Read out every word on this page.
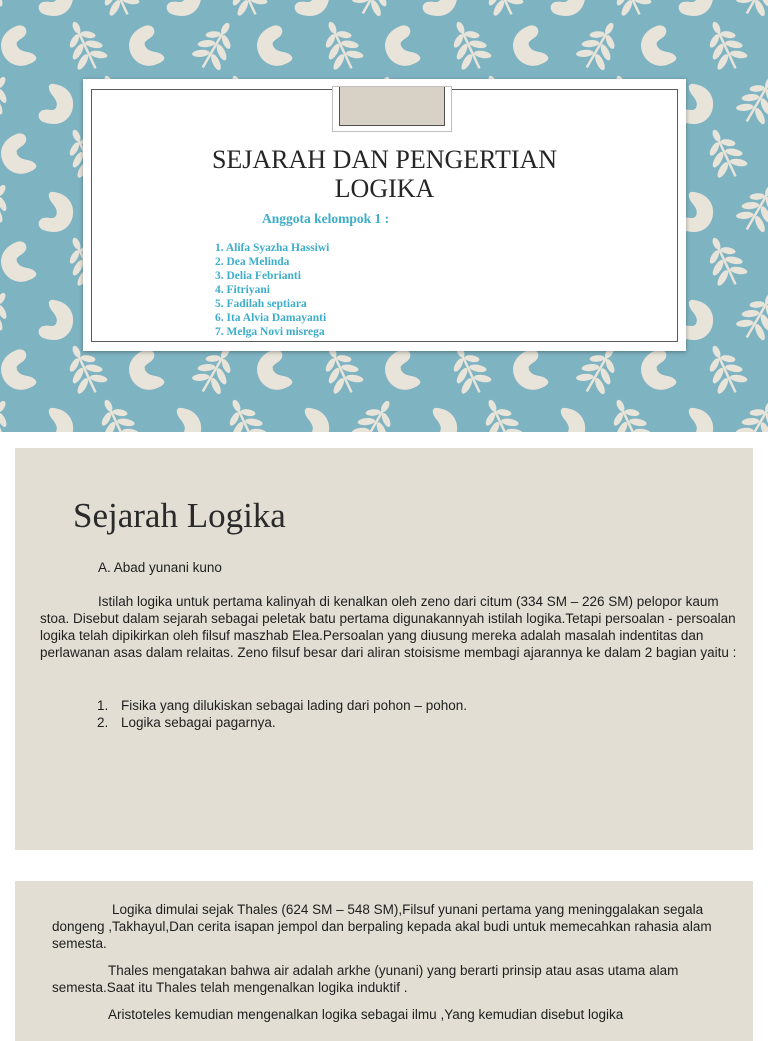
SEJARAH DAN PENGERTIAN
LOGIKA

Anggota kelompok 1 :

1. Alifa Syazha Hassiwi
2. Dea Melinda
3. Delia Febrianti
4. Fitriyani
5. Fadilah septiara
6. Ita Alvia Damayanti
7. Melga Novi misrega
Sejarah Logika

A. Abad yunani kuno

Istilah logika untuk pertama kalinyah di kenalkan oleh zeno dari citum (334 SM – 226 SM) pelopor kaum stoa. Disebut dalam sejarah sebagai peletak batu pertama digunakannyah istilah logika.Tetapi persoalan - persoalan logika telah dipikirkan oleh filsuf maszhab Elea.Persoalan yang diusung mereka adalah masalah indentitas dan perlawanan asas dalam relaitas. Zeno filsuf besar dari aliran stoisisme membagi ajarannya ke dalam 2 bagian yaitu :

1. Fisika yang dilukiskan sebagai lading dari pohon – pohon.
2. Logika sebagai pagarnya.

Logika dimulai sejak Thales (624 SM – 548 SM),Filsuf yunani pertama yang meninggalakan segala dongeng ,Takhayul,Dan cerita isapan jempol dan berpaling kepada akal budi untuk memecahkan rahasia alam semesta.

Thales mengatakan bahwa air adalah arkhe (yunani) yang berarti prinsip atau asas utama alam semesta.Saat itu Thales telah mengenalkan logika induktif .

Aristoteles kemudian mengenalkan logika sebagai ilmu ,Yang kemudian disebut logika
